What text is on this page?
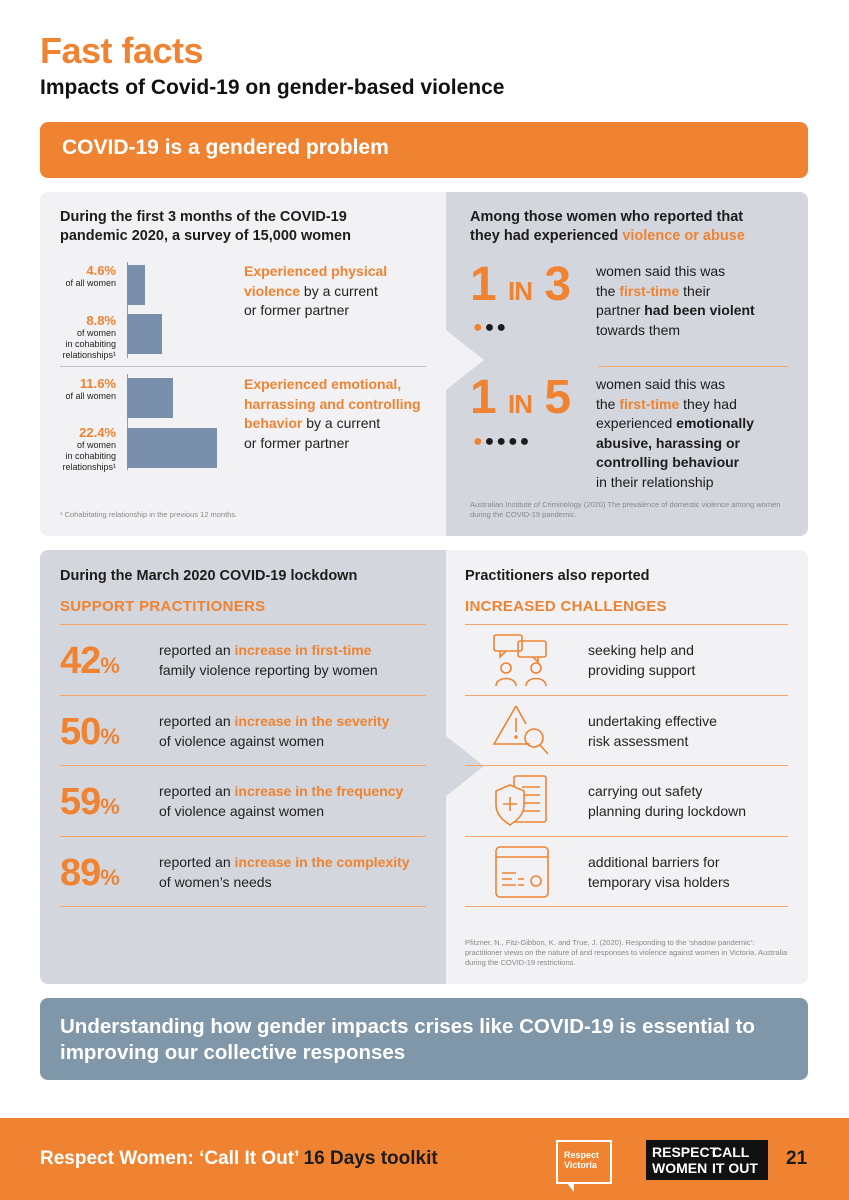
Fast facts
Impacts of Covid-19 on gender-based violence
COVID-19 is a gendered problem
During the first 3 months of the COVID-19
pandemic 2020, a survey of 15,000 women
4.6%
of all women
8.8%
of women
in cohabiting
relationships¹
11.6%
of all women
22.4%
of women
in cohabiting
relationships¹
Experienced physical
violence by a current
or former partner
Experienced emotional,
harrassing and controlling
behavior by a current
or former partner
¹ Cohabitating relationship in the previous 12 months.
Among those women who reported that
they had experienced violence or abuse
1 IN 3
●●●
women said this was
the first-time their
partner had been violent
towards them
1 IN 5
●●●●●
women said this was
the first-time they had
experienced emotionally
abusive, harassing or
controlling behaviour
in their relationship
Australian Institute of Criminology (2020) The prevalence of domestic violence among women during the COVID-19 pandemic.
During the March 2020 COVID-19 lockdown
SUPPORT PRACTITIONERS
42%
reported an increase in first-time
family violence reporting by women
50%
reported an increase in the severity
of violence against women
59%
reported an increase in the frequency
of violence against women
89%
reported an increase in the complexity
of women’s needs
Practitioners also reported
INCREASED CHALLENGES
seeking help and
providing support
undertaking effective
risk assessment
carrying out safety
planning during lockdown
additional barriers for
temporary visa holders
Pfitzner, N., Fitz-Gibbon, K. and True, J. (2020). Responding to the ‘shadow pandemic’: practitioner views on the nature of and responses to violence against women in Victoria, Australia during the COVID-19 restrictions.
Understanding how gender impacts crises like COVID-19 is essential to improving our collective responses
Respect Women: ‘Call It Out’ 16 Days toolkit	Respect
Victoria
RESPECT
WOMEN
CALL
IT OUT 21
